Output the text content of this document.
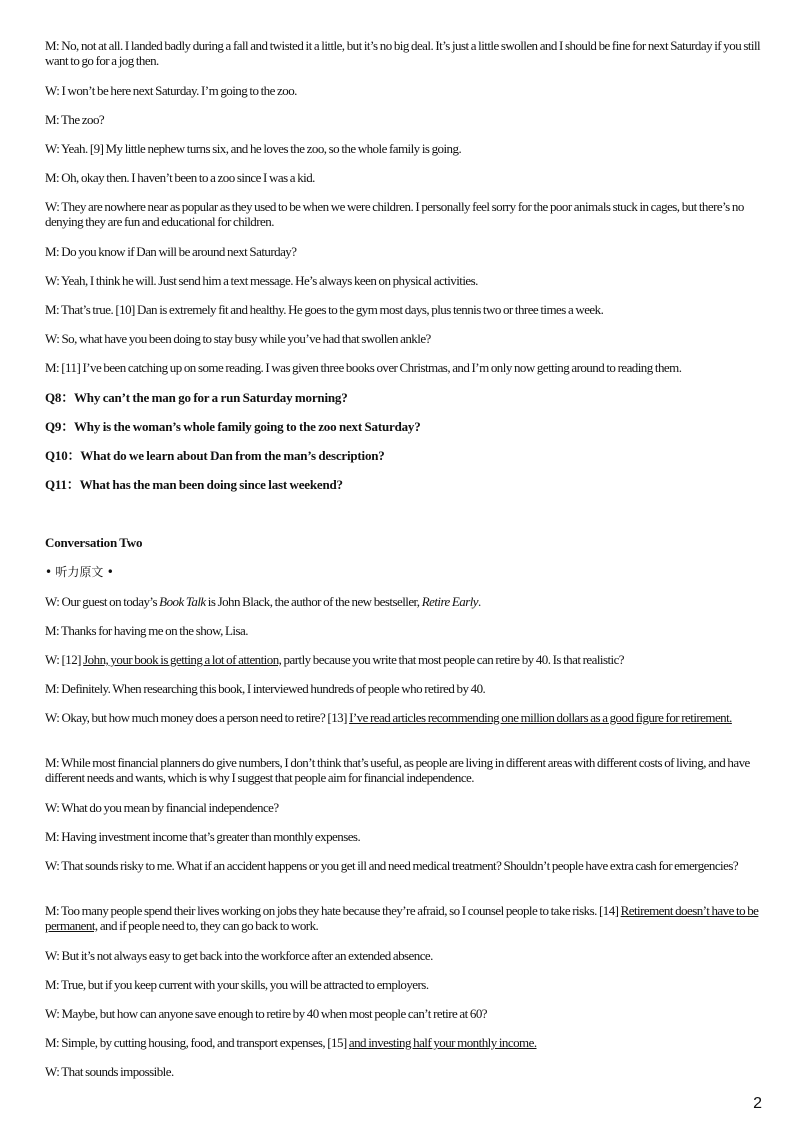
M: No, not at all. I landed badly during a fall and twisted it a little, but it’s no big deal. It’s just a little swollen and I should be fine for next Saturday if you still want to go for a jog then.

W: I won’t be here next Saturday. I’m going to the zoo.

M: The zoo?

W: Yeah. [9] My little nephew turns six, and he loves the zoo, so the whole family is going.

M: Oh, okay then. I haven’t been to a zoo since I was a kid.

W: They are nowhere near as popular as they used to be when we were children. I personally feel sorry for the poor animals stuck in cages, but there’s no denying they are fun and educational for children.

M: Do you know if Dan will be around next Saturday?

W: Yeah, I think he will. Just send him a text message. He’s always keen on physical activities.

M: That’s true. [10] Dan is extremely fit and healthy. He goes to the gym most days, plus tennis two or three times a week.

W: So, what have you been doing to stay busy while you’ve had that swollen ankle?

M: [11] I’ve been catching up on some reading. I was given three books over Christmas, and I’m only now getting around to reading them.

Q8：Why can’t the man go for a run Saturday morning?

Q9：Why is the woman’s whole family going to the zoo next Saturday?

Q10：What do we learn about Dan from the man’s description?

Q11：What has the man been doing since last weekend?

Conversation Two

• 听力原文 •

W: Our guest on today’s Book Talk is John Black, the author of the new bestseller, Retire Early.

M: Thanks for having me on the show, Lisa.

W: [12] John, your book is getting a lot of attention, partly because you write that most people can retire by 40. Is that realistic?

M: Definitely. When researching this book, I interviewed hundreds of people who retired by 40.

W: Okay, but how much money does a person need to retire? [13] I’ve read articles recommending one million dollars as a good figure for retirement.

M: While most financial planners do give numbers, I don’t think that’s useful, as people are living in different areas with different costs of living, and have different needs and wants, which is why I suggest that people aim for financial independence.

W: What do you mean by financial independence?

M: Having investment income that’s greater than monthly expenses.

W: That sounds risky to me. What if an accident happens or you get ill and need medical treatment? Shouldn’t people have extra cash for emergencies?

M: Too many people spend their lives working on jobs they hate because they’re afraid, so I counsel people to take risks. [14] Retirement doesn’t have to be permanent, and if people need to, they can go back to work.

W: But it’s not always easy to get back into the workforce after an extended absence.

M: True, but if you keep current with your skills, you will be attracted to employers.

W: Maybe, but how can anyone save enough to retire by 40 when most people can’t retire at 60?

M: Simple, by cutting housing, food, and transport expenses, [15] and investing half your monthly income.

W: That sounds impossible.

2
